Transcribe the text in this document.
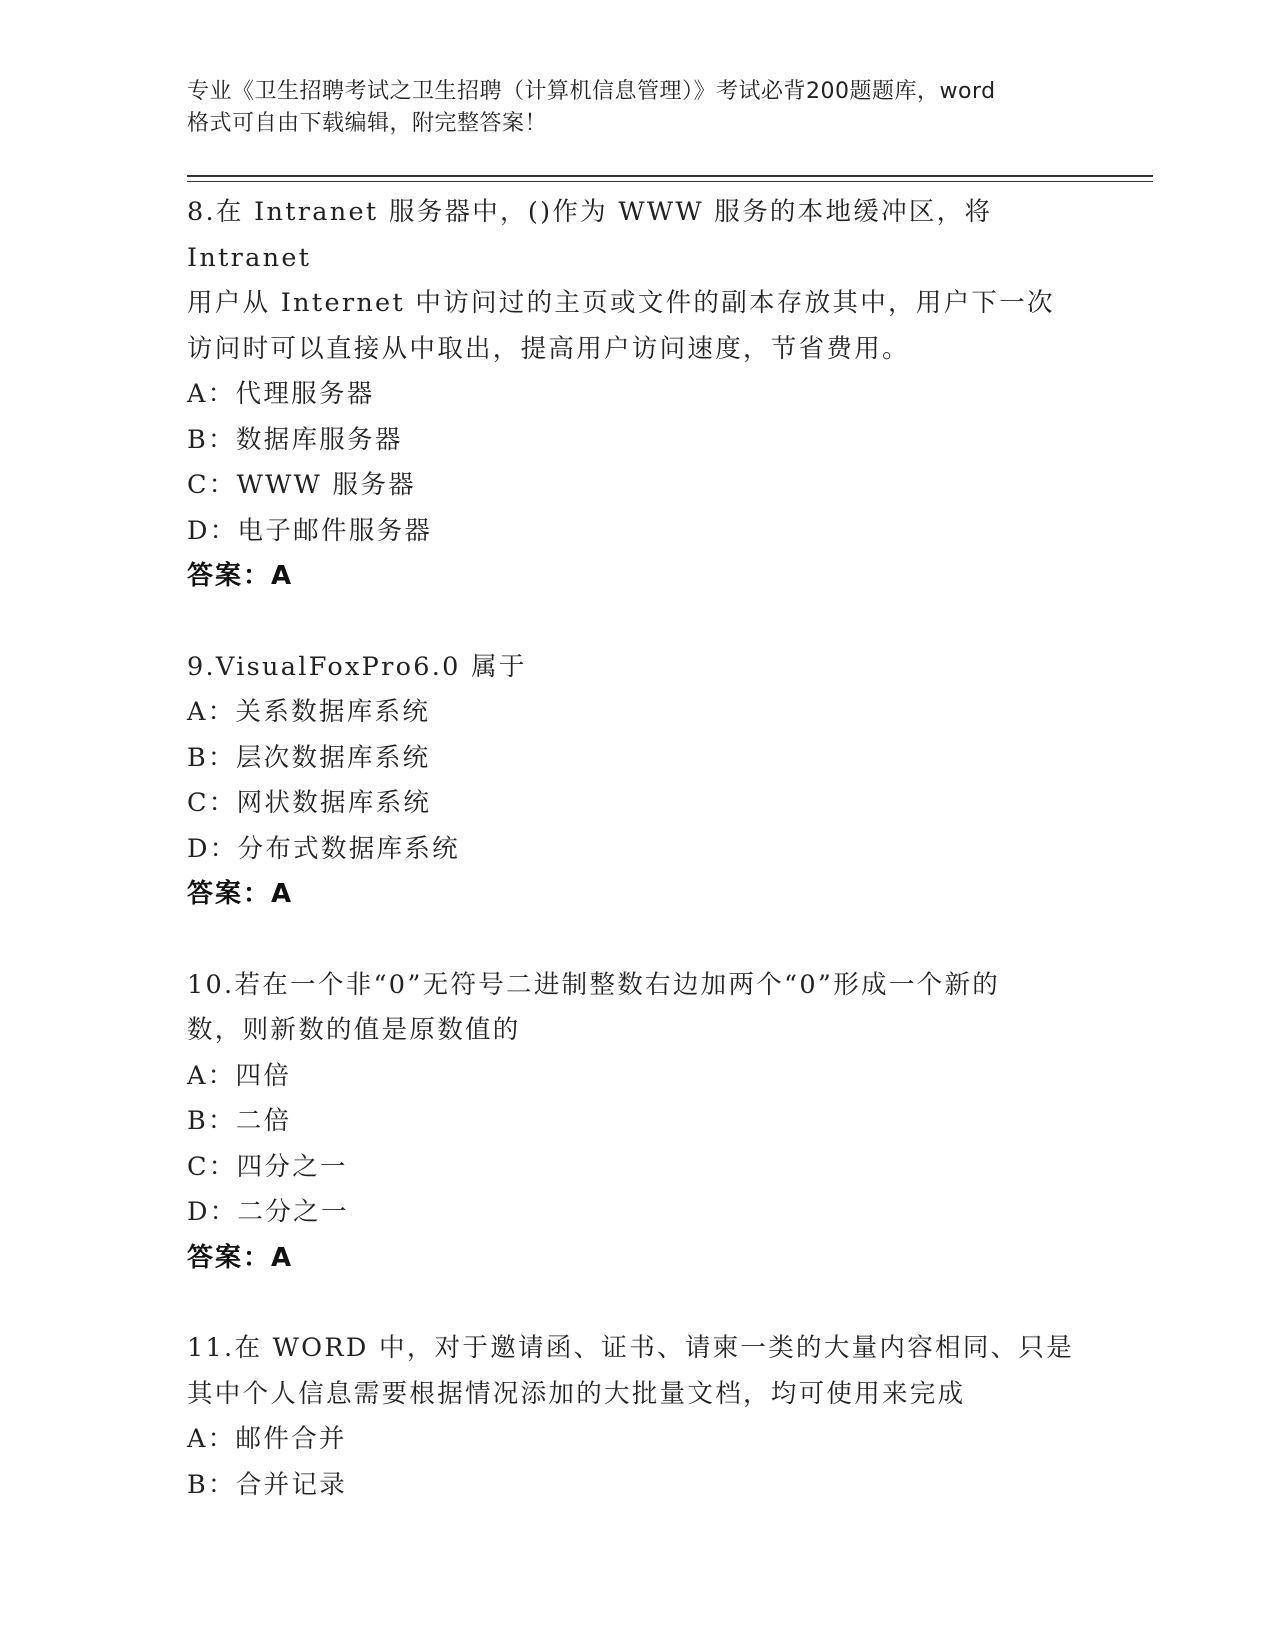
专业《卫生招聘考试之卫生招聘（计算机信息管理）》考试必背200题题库，word
格式可自由下载编辑，附完整答案！
8.在 Intranet 服务器中，()作为 WWW 服务的本地缓冲区，将 Intranet
用户从 Internet 中访问过的主页或文件的副本存放其中，用户下一次
访问时可以直接从中取出，提高用户访问速度，节省费用。
A：代理服务器
B：数据库服务器
C：WWW 服务器
D：电子邮件服务器
答案：A
9.VisualFoxPro6.0 属于
A：关系数据库系统
B：层次数据库系统
C：网状数据库系统
D：分布式数据库系统
答案：A
10.若在一个非“0”无符号二进制整数右边加两个“0”形成一个新的
数，则新数的值是原数值的
A：四倍
B：二倍
C：四分之一
D：二分之一
答案：A
11.在 WORD 中，对于邀请函、证书、请柬一类的大量内容相同、只是
其中个人信息需要根据情况添加的大批量文档，均可使用来完成
A：邮件合并
B：合并记录
